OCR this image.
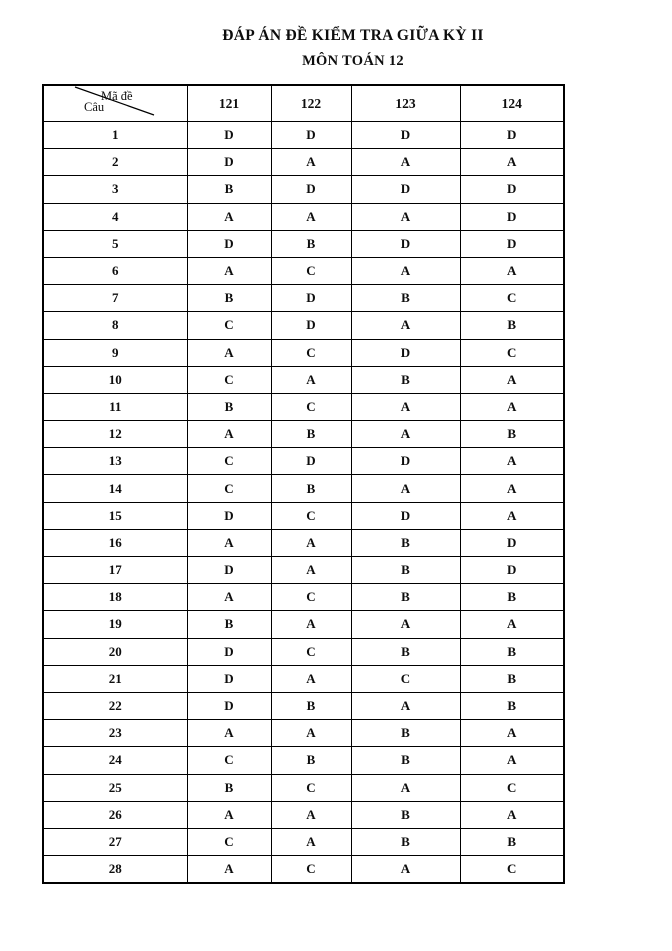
ĐÁP ÁN ĐỀ KIỂM TRA GIỮA KỲ II
MÔN TOÁN 12
Mã đề
Câu	121	122	123	124
1	D	D	D	D
2	D	A	A	A
3	B	D	D	D
4	A	A	A	D
5	D	B	D	D
6	A	C	A	A
7	B	D	B	C
8	C	D	A	B
9	A	C	D	C
10	C	A	B	A
11	B	C	A	A
12	A	B	A	B
13	C	D	D	A
14	C	B	A	A
15	D	C	D	A
16	A	A	B	D
17	D	A	B	D
18	A	C	B	B
19	B	A	A	A
20	D	C	B	B
21	D	A	C	B
22	D	B	A	B
23	A	A	B	A
24	C	B	B	A
25	B	C	A	C
26	A	A	B	A
27	C	A	B	B
28	A	C	A	C
